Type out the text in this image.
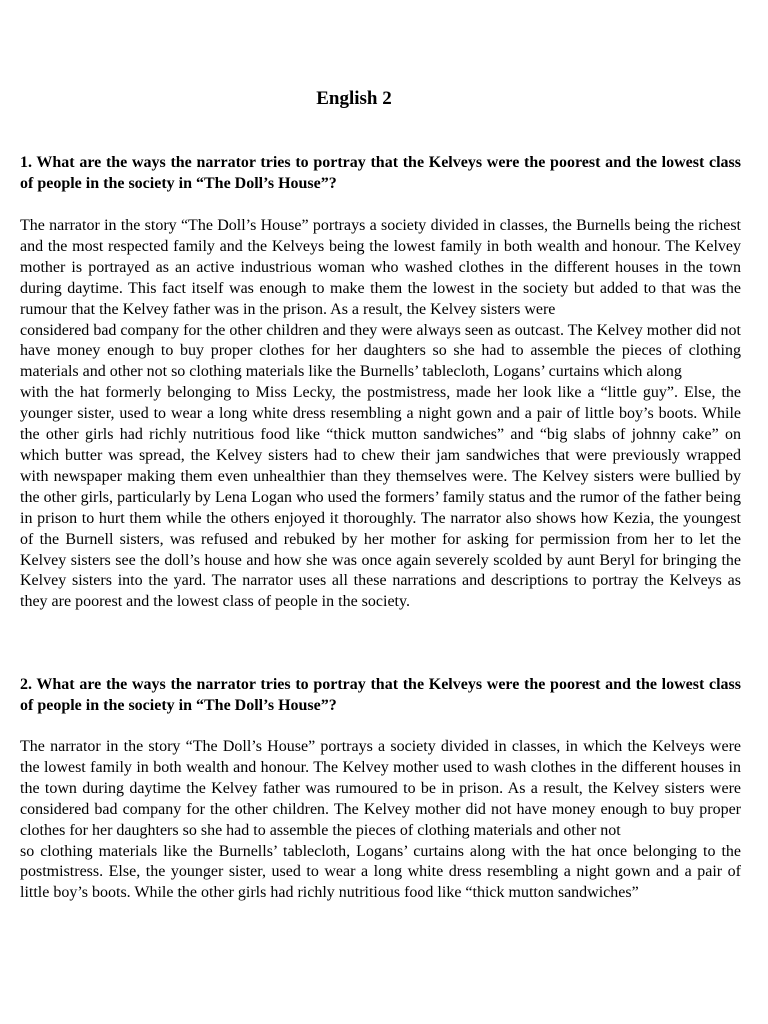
English 2

1. What are the ways the narrator tries to portray that the Kelveys were the poorest and the lowest class of people in the society in “The Doll’s House”?

The narrator in the story “The Doll’s House” portrays a society divided in classes, the Burnells being the richest and the most respected family and the Kelveys being the lowest family in both wealth and honour. The Kelvey mother is portrayed as an active industrious woman who washed clothes in the different houses in the town during daytime. This fact itself was enough to make them the lowest in the society but added to that was the rumour that the Kelvey father was in the prison. As a result, the Kelvey sisters were

considered bad company for the other children and they were always seen as outcast. The Kelvey mother did not have money enough to buy proper clothes for her daughters so she had to assemble the pieces of clothing materials and other not so clothing materials like the Burnells’ tablecloth, Logans’ curtains which along

with the hat formerly belonging to Miss Lecky, the postmistress, made her look like a “little guy”. Else, the younger sister, used to wear a long white dress resembling a night gown and a pair of little boy’s boots. While the other girls had richly nutritious food like “thick mutton sandwiches” and “big slabs of johnny cake” on which butter was spread, the Kelvey sisters had to chew their jam sandwiches that were previously wrapped with newspaper making them even unhealthier than they themselves were. The Kelvey sisters were bullied by the other girls, particularly by Lena Logan who used the formers’ family status and the rumor of the father being in prison to hurt them while the others enjoyed it thoroughly. The narrator also shows how Kezia, the youngest of the Burnell sisters, was refused and rebuked by her mother for asking for permission from her to let the Kelvey sisters see the doll’s house and how she was once again severely scolded by aunt Beryl for bringing the Kelvey sisters into the yard. The narrator uses all these narrations and descriptions to portray the Kelveys as they are poorest and the lowest class of people in the society.

2. What are the ways the narrator tries to portray that the Kelveys were the poorest and the lowest class of people in the society in “The Doll’s House”?

The narrator in the story “The Doll’s House” portrays a society divided in classes, in which the Kelveys were the lowest family in both wealth and honour. The Kelvey mother used to wash clothes in the different houses in the town during daytime the Kelvey father was rumoured to be in prison. As a result, the Kelvey sisters were considered bad company for the other children. The Kelvey mother did not have money enough to buy proper clothes for her daughters so she had to assemble the pieces of clothing materials and other not

so clothing materials like the Burnells’ tablecloth, Logans’ curtains along with the hat once belonging to the postmistress. Else, the younger sister, used to wear a long white dress resembling a night gown and a pair of little boy’s boots. While the other girls had richly nutritious food like “thick mutton sandwiches”
